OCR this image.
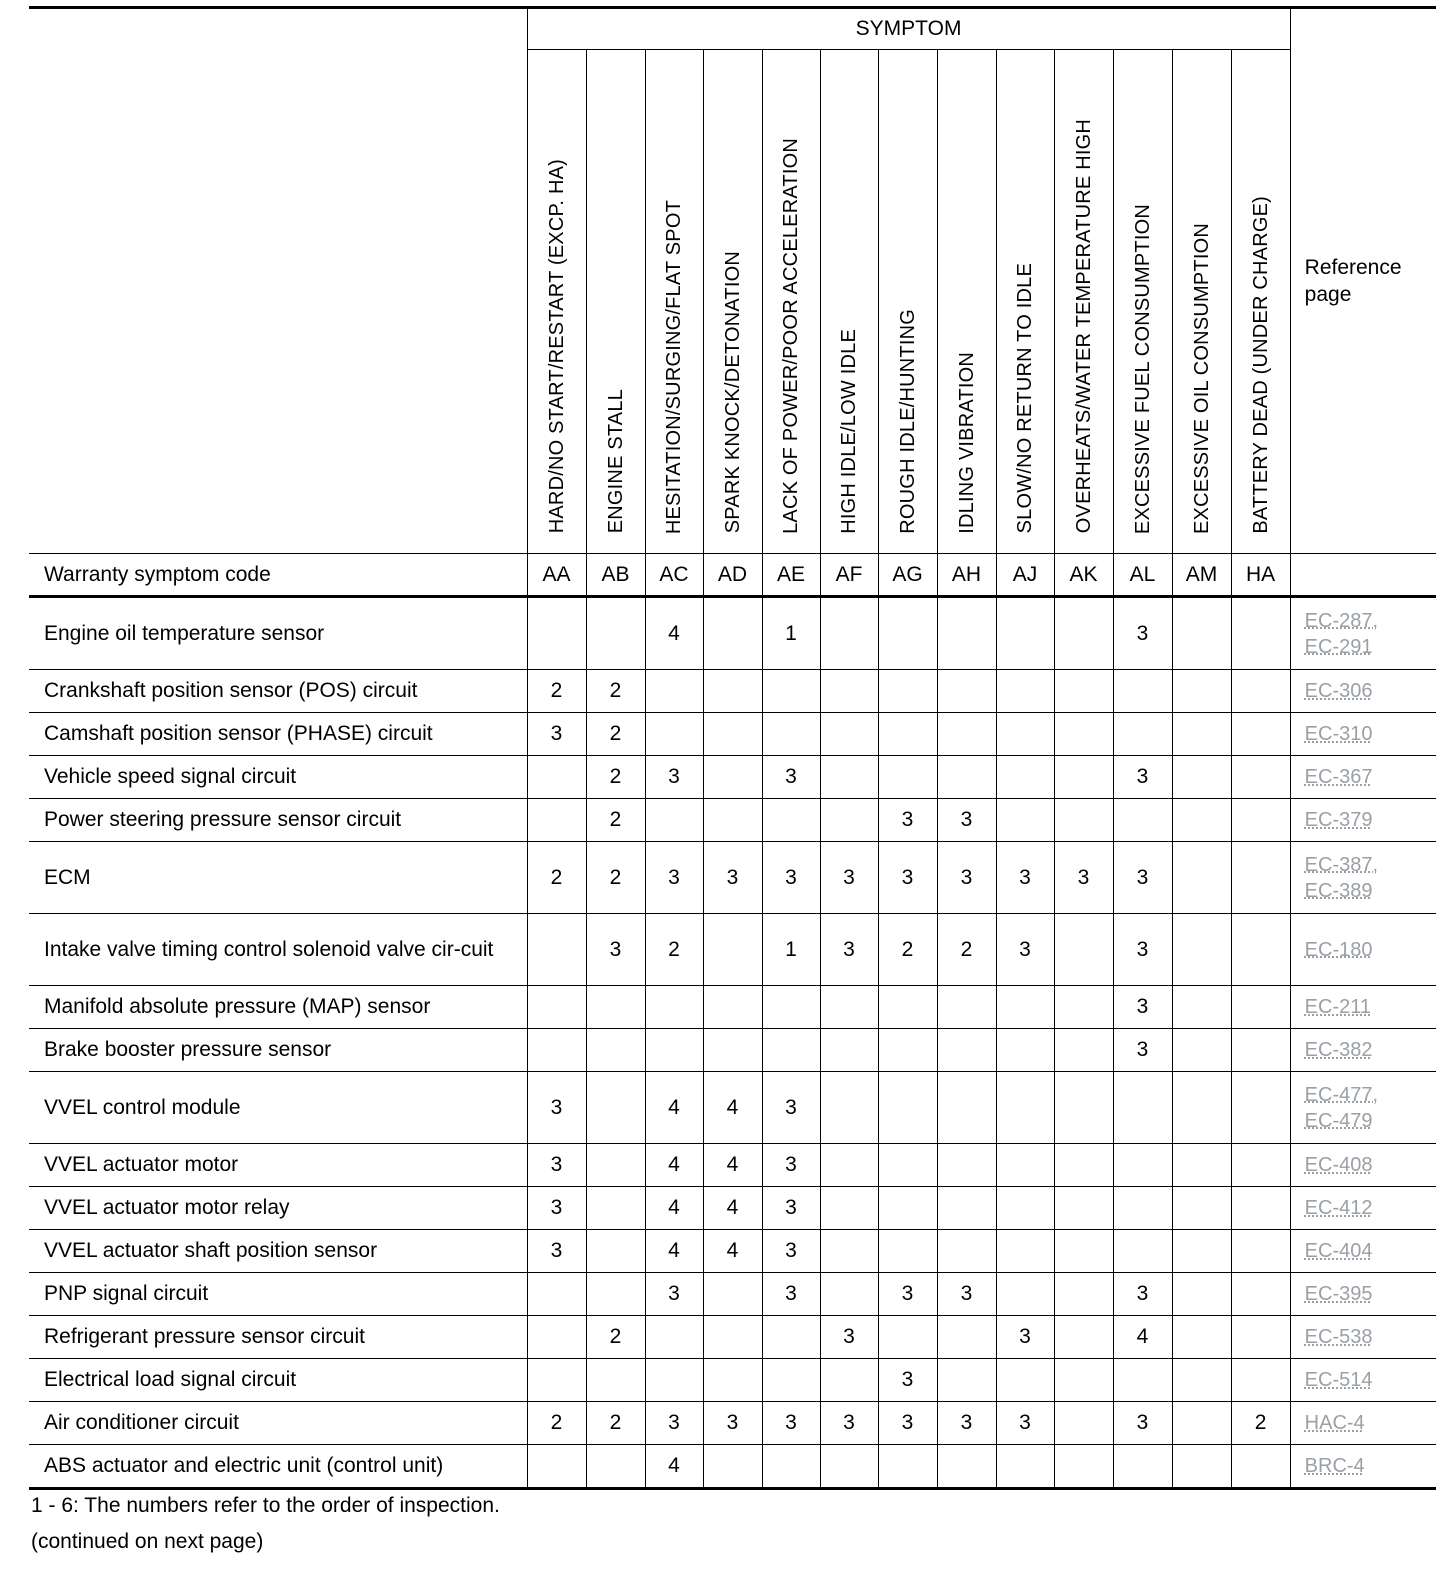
	SYMPTOM													Reference page

	HARD/NO START/RESTART (EXCP. HA)	ENGINE STALL	HESITATION/SURGING/FLAT SPOT	SPARK KNOCK/DETONATION	LACK OF POWER/POOR ACCELERATION	HIGH IDLE/LOW IDLE	ROUGH IDLE/HUNTING	IDLING VIBRATION	SLOW/NO RETURN TO IDLE	OVERHEATS/WATER TEMPERATURE HIGH	EXCESSIVE FUEL CONSUMPTION	EXCESSIVE OIL CONSUMPTION	BATTERY DEAD (UNDER CHARGE)	
Warranty symptom code	AA	AB	AC	AD	AE	AF	AG	AH	AJ	AK	AL	AM	HA	
Engine oil temperature sensor			4		1						3			EC-287,
EC-291

Crankshaft position sensor (POS) circuit	2	2												EC-306

Camshaft position sensor (PHASE) circuit	3	2												EC-310

Vehicle speed signal circuit		2	3		3						3			EC-367

Power steering pressure sensor circuit		2					3	3						EC-379

ECM	2	2	3	3	3	3	3	3	3	3	3			EC-387,
EC-389

Intake valve timing control solenoid valve cir-cuit		3	2		1	3	2	2	3		3			EC-180

Manifold absolute pressure (MAP) sensor											3			EC-211

Brake booster pressure sensor											3			EC-382

VVEL control module	3		4	4	3									EC-477,
EC-479

VVEL actuator motor	3		4	4	3									EC-408

VVEL actuator motor relay	3		4	4	3									EC-412

VVEL actuator shaft position sensor	3		4	4	3									EC-404

PNP signal circuit			3		3		3	3			3			EC-395

Refrigerant pressure sensor circuit		2				3			3		4			EC-538

Electrical load signal circuit							3							EC-514

Air conditioner circuit	2	2	3	3	3	3	3	3	3		3		2	HAC-4

ABS actuator and electric unit (control unit)			4											BRC-4
1 - 6: The numbers refer to the order of inspection.
(continued on next page)
